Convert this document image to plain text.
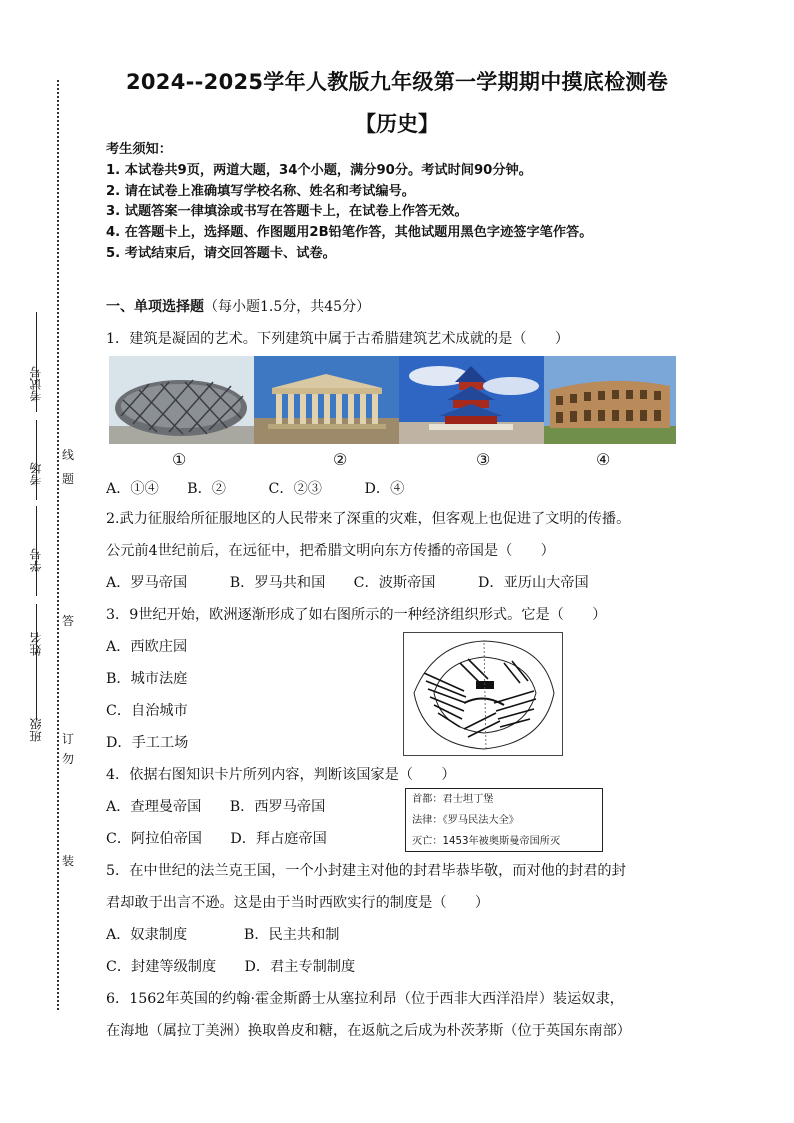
考试号
考场
学号
姓名
班级
线
题
答
订
勿
装
2024--2025学年人教版九年级第一学期期中摸底检测卷
【历史】
考生须知：
1. 本试卷共9页，两道大题，34个小题，满分90分。考试时间90分钟。
2. 请在试卷上准确填写学校名称、姓名和考试编号。
3. 试题答案一律填涂或书写在答题卡上，在试卷上作答无效。
4. 在答题卡上，选择题、作图题用2B铅笔作答，其他试题用黑色字迹签字笔作答。
5. 考试结束后，请交回答题卡、试卷。
一、单项选择题（每小题1.5分，共45分）
1．建筑是凝固的艺术。下列建筑中属于古希腊建筑艺术成就的是（　　）
①	②	③	④
A．①④　　B．②　　　C．②③　　　D．④
2.武力征服给所征服地区的人民带来了深重的灾难，但客观上也促进了文明的传播。
公元前4世纪前后，在远征中，把希腊文明向东方传播的帝国是（　　）
A．罗马帝国　　　B．罗马共和国　　C．波斯帝国　　　D．亚历山大帝国
3．9世纪开始，欧洲逐渐形成了如右图所示的一种经济组织形式。它是（　　）
A．西欧庄园
B．城市法庭
C．自治城市
D．手工工场
4．依据右图知识卡片所列内容，判断该国家是（　　）
A．查理曼帝国　　B．西罗马帝国
C．阿拉伯帝国　　D．拜占庭帝国
首都：君士坦丁堡
法律：《罗马民法大全》
灭亡：1453年被奥斯曼帝国所灭
5．在中世纪的法兰克王国，一个小封建主对他的封君毕恭毕敬，而对他的封君的封
君却敢于出言不逊。这是由于当时西欧实行的制度是（　　）
A．奴隶制度　　　　B．民主共和制
C．封建等级制度　　D．君主专制制度
6．1562年英国的约翰·霍金斯爵士从塞拉利昂（位于西非大西洋沿岸）装运奴隶，
在海地（属拉丁美洲）换取兽皮和糖，在返航之后成为朴茨茅斯（位于英国东南部）
